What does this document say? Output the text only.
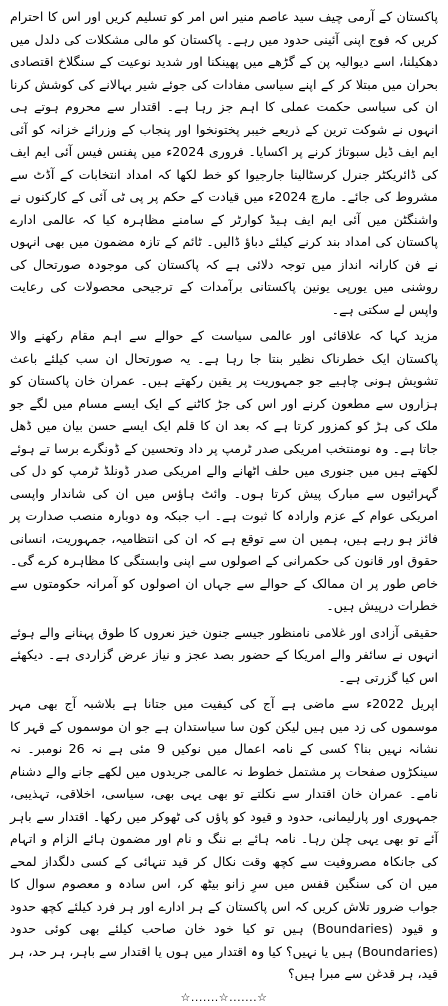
پاکستان کے آرمی چیف سید عاصم منیر اس امر کو تسلیم کریں اور اس کا احترام کریں کہ فوج اپنی آئینی حدود میں رہے۔ پاکستان کو مالی مشکلات کی دلدل میں دھکیلنا، اسے دیوالیہ پن کے گڑھے میں پھینکنا اور شدید نوعیت کے سنگلاخ اقتصادی بحران میں مبتلا کر کے اپنے سیاسی مفادات کی جوئے شیر بہالانے کی کوشش کرنا ان کی سیاسی حکمت عملی کا اہم جز رہا ہے۔ اقتدار سے محروم ہوتے ہی انہوں نے شوکت ترین کے ذریعے خیبر پختونخوا اور پنجاب کے وزرائے خزانہ کو آئی ایم ایف ڈیل سبوتاژ کرنے پر اکسایا۔ فروری 2024ء میں پفنس فیس آئی ایم ایف کی ڈائریکٹر جنرل کرسٹالینا جارجیوا کو خط لکھا کہ امداد انتخابات کے آڈٹ سے مشروط کی جائے۔ مارچ 2024ء میں قیادت کے حکم پر پی ٹی آئی کے کارکنوں نے واشنگٹن میں آئی ایم ایف ہیڈ کوارٹر کے سامنے مظاہرہ کیا کہ عالمی ادارے پاکستان کی امداد بند کرنے کیلئے دباؤ ڈالیں۔ ٹائم کے تازہ مضمون میں بھی انہوں نے فن کارانہ انداز میں توجہ دلائی ہے کہ پاکستان کی موجودہ صورتحال کی روشنی میں یورپی یونین پاکستانی برآمدات کے ترجیحی محصولات کی رعایت واپس لے سکتی ہے۔

مزید کہا کہ علاقائی اور عالمی سیاست کے حوالے سے اہم مقام رکھنے والا پاکستان ایک خطرناک نظیر بنتا جا رہا ہے۔ یہ صورتحال ان سب کیلئے باعث تشویش ہونی چاہیے جو جمہوریت پر یقین رکھتے ہیں۔ عمران خان پاکستان کو ہزاروں سے مطعون کرنے اور اس کی جڑ کاٹنے کے ایک ایسے مسام میں لگے جو ملک کی ہڑ کو کمزور کرتا ہے کہ بعد ان کا قلم ایک ایسے حسن بیان میں ڈھل جاتا ہے۔ وہ نومنتخب امریکی صدر ٹرمپ پر داد وتحسین کے ڈونگرے برسا تے ہوئے لکھتے ہیں میں جنوری میں حلف اٹھانے والے امریکی صدر ڈونلڈ ٹرمپ کو دل کی گہرائیوں سے مبارک پیش کرتا ہوں۔ وائٹ ہاؤس میں ان کی شاندار واپسی امریکی عوام کے عزم وارادہ کا ثبوت ہے۔ اب جبکہ وہ دوبارہ منصب صدارت پر فائز ہو رہے ہیں، ہمیں ان سے توقع ہے کہ ان کی انتظامیہ، جمہوریت، انسانی حقوق اور قانون کی حکمرانی کے اصولوں سے اپنی وابستگی کا مظاہرہ کرے گی۔ خاص طور پر ان ممالک کے حوالے سے جہاں ان اصولوں کو آمرانہ حکومتوں سے خطرات درپیش ہیں۔

حقیقی آزادی اور غلامی نامنظور جیسے جنون خیز نعروں کا طوق پہنانے والے ہوئے انہوں نے سائفر والے امریکا کے حضور بصد عجز و نیاز عرض گزاردی ہے۔ دیکھئے اس کیا گزرتی ہے۔

اپریل 2022ء سے ماضی ہے آج کی کیفیت میں جتانا ہے بلاشبہ آج بھی مہر موسموں کی زد میں ہیں لیکن کون سا سیاستدان ہے جو ان موسموں کے قہر کا نشانہ نہیں بنا؟ کسی کے نامہ اعمال میں نوکیں 9 مئی ہے نہ 26 نومبر۔ نہ سینکڑوں صفحات پر مشتمل خطوط نہ عالمی جریدوں میں لکھے جانے والے دشنام نامے۔ عمران خان اقتدار سے نکلتے تو بھی یہی بھی، سیاسی، اخلاقی، تہذیبی، جمہوری اور پارلیمانی، حدود و قیود کو پاؤں کی ٹھوکر میں رکھا۔ اقتدار سے باہر آئے تو بھی یہی چلن رہا۔ نامہ ہائے بے ننگ و نام اور مضمون ہائے الزام و اتہام کی جانکاہ مصروفیت سے کچھ وقت نکال کر قید تنہائی کے کسی دلگداز لمحے میں ان کی سنگین قفس میں سرِ زانو بیٹھ کر، اس سادہ و معصوم سوال کا جواب ضرور تلاش کریں کہ اس پاکستان کے ہر ادارے اور ہر فرد کیلئے کچھ حدود و قیود (Boundaries) ہیں تو کیا خود خان صاحب کیلئے بھی کوئی حدود (Boundaries) ہیں یا نہیں؟ کیا وہ اقتدار میں ہوں یا اقتدار سے باہر، ہر حد، ہر قید، ہر قدغن سے مبرا ہیں؟

☆.......☆.......☆
